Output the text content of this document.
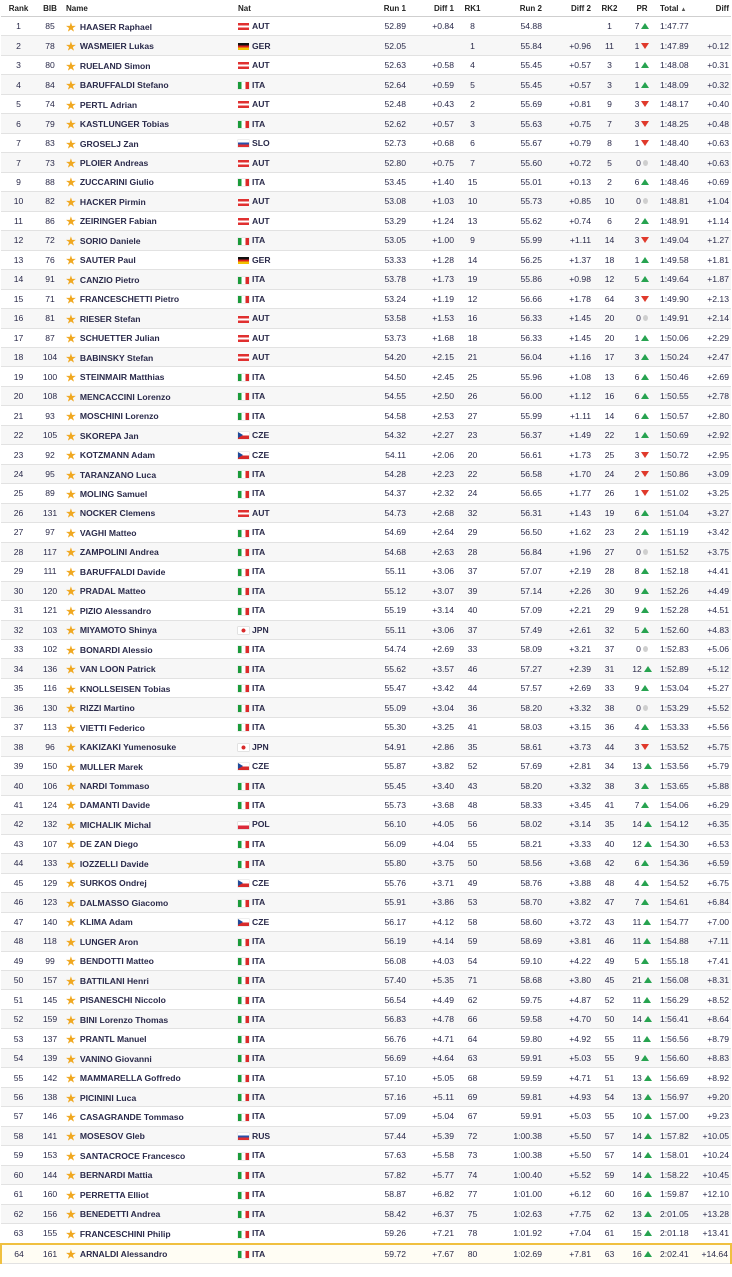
Rank	BIB	Name	Nat	Run 1	Diff 1	RK1	Run 2	Diff 2	RK2	PR	Total ▲	Diff
1	85	★ HAASER Raphael	AUT	52.89	+0.84	8	54.88		1	7	1:47.77	
2	78	★ WASMEIER Lukas	GER	52.05		1	55.84	+0.96	11	1	1:47.89	+0.12
3	80	★ RUELAND Simon	AUT	52.63	+0.58	4	55.45	+0.57	3	1	1:48.08	+0.31
4	84	★ BARUFFALDI Stefano	ITA	52.64	+0.59	5	55.45	+0.57	3	1	1:48.09	+0.32
5	74	★ PERTL Adrian	AUT	52.48	+0.43	2	55.69	+0.81	9	3	1:48.17	+0.40
6	79	★ KASTLUNGER Tobias	ITA	52.62	+0.57	3	55.63	+0.75	7	3	1:48.25	+0.48
7	83	★ GROSELJ Zan	SLO	52.73	+0.68	6	55.67	+0.79	8	1	1:48.40	+0.63
7	73	★ PLOIER Andreas	AUT	52.80	+0.75	7	55.60	+0.72	5	0	1:48.40	+0.63
9	88	★ ZUCCARINI Giulio	ITA	53.45	+1.40	15	55.01	+0.13	2	6	1:48.46	+0.69
10	82	★ HACKER Pirmin	AUT	53.08	+1.03	10	55.73	+0.85	10	0	1:48.81	+1.04
11	86	★ ZEIRINGER Fabian	AUT	53.29	+1.24	13	55.62	+0.74	6	2	1:48.91	+1.14
12	72	★ SORIO Daniele	ITA	53.05	+1.00	9	55.99	+1.11	14	3	1:49.04	+1.27
13	76	★ SAUTER Paul	GER	53.33	+1.28	14	56.25	+1.37	18	1	1:49.58	+1.81
14	91	★ CANZIO Pietro	ITA	53.78	+1.73	19	55.86	+0.98	12	5	1:49.64	+1.87
15	71	★ FRANCESCHETTI Pietro	ITA	53.24	+1.19	12	56.66	+1.78	64	3	1:49.90	+2.13
16	81	★ RIESER Stefan	AUT	53.58	+1.53	16	56.33	+1.45	20	0	1:49.91	+2.14
17	87	★ SCHUETTER Julian	AUT	53.73	+1.68	18	56.33	+1.45	20	1	1:50.06	+2.29
18	104	★ BABINSKY Stefan	AUT	54.20	+2.15	21	56.04	+1.16	17	3	1:50.24	+2.47
19	100	★ STEINMAIR Matthias	ITA	54.50	+2.45	25	55.96	+1.08	13	6	1:50.46	+2.69
20	108	★ MENCACCINI Lorenzo	ITA	54.55	+2.50	26	56.00	+1.12	16	6	1:50.55	+2.78
21	93	★ MOSCHINI Lorenzo	ITA	54.58	+2.53	27	55.99	+1.11	14	6	1:50.57	+2.80
22	105	★ SKOREPA Jan	CZE	54.32	+2.27	23	56.37	+1.49	22	1	1:50.69	+2.92
23	92	★ KOTZMANN Adam	CZE	54.11	+2.06	20	56.61	+1.73	25	3	1:50.72	+2.95
24	95	★ TARANZANO Luca	ITA	54.28	+2.23	22	56.58	+1.70	24	2	1:50.86	+3.09
25	89	★ MOLING Samuel	ITA	54.37	+2.32	24	56.65	+1.77	26	1	1:51.02	+3.25
26	131	★ NOCKER Clemens	AUT	54.73	+2.68	32	56.31	+1.43	19	6	1:51.04	+3.27
27	97	★ VAGHI Matteo	ITA	54.69	+2.64	29	56.50	+1.62	23	2	1:51.19	+3.42
28	117	★ ZAMPOLINI Andrea	ITA	54.68	+2.63	28	56.84	+1.96	27	0	1:51.52	+3.75
29	111	★ BARUFFALDI Davide	ITA	55.11	+3.06	37	57.07	+2.19	28	8	1:52.18	+4.41
30	120	★ PRADAL Matteo	ITA	55.12	+3.07	39	57.14	+2.26	30	9	1:52.26	+4.49
31	121	★ PIZIO Alessandro	ITA	55.19	+3.14	40	57.09	+2.21	29	9	1:52.28	+4.51
32	103	★ MIYAMOTO Shinya	JPN	55.11	+3.06	37	57.49	+2.61	32	5	1:52.60	+4.83
33	102	★ BONARDI Alessio	ITA	54.74	+2.69	33	58.09	+3.21	37	0	1:52.83	+5.06
34	136	★ VAN LOON Patrick	ITA	55.62	+3.57	46	57.27	+2.39	31	12	1:52.89	+5.12
35	116	★ KNOLLSEISEN Tobias	ITA	55.47	+3.42	44	57.57	+2.69	33	9	1:53.04	+5.27
36	130	★ RIZZI Martino	ITA	55.09	+3.04	36	58.20	+3.32	38	0	1:53.29	+5.52
37	113	★ VIETTI Federico	ITA	55.30	+3.25	41	58.03	+3.15	36	4	1:53.33	+5.56
38	96	★ KAKIZAKI Yumenosuke	JPN	54.91	+2.86	35	58.61	+3.73	44	3	1:53.52	+5.75
39	150	★ MULLER Marek	CZE	55.87	+3.82	52	57.69	+2.81	34	13	1:53.56	+5.79
40	106	★ NARDI Tommaso	ITA	55.45	+3.40	43	58.20	+3.32	38	3	1:53.65	+5.88
41	124	★ DAMANTI Davide	ITA	55.73	+3.68	48	58.33	+3.45	41	7	1:54.06	+6.29
42	132	★ MICHALIK Michal	POL	56.10	+4.05	56	58.02	+3.14	35	14	1:54.12	+6.35
43	107	★ DE ZAN Diego	ITA	56.09	+4.04	55	58.21	+3.33	40	12	1:54.30	+6.53
44	133	★ IOZZELLI Davide	ITA	55.80	+3.75	50	58.56	+3.68	42	6	1:54.36	+6.59
45	129	★ SURKOS Ondrej	CZE	55.76	+3.71	49	58.76	+3.88	48	4	1:54.52	+6.75
46	123	★ DALMASSO Giacomo	ITA	55.91	+3.86	53	58.70	+3.82	47	7	1:54.61	+6.84
47	140	★ KLIMA Adam	CZE	56.17	+4.12	58	58.60	+3.72	43	11	1:54.77	+7.00
48	118	★ LUNGER Aron	ITA	56.19	+4.14	59	58.69	+3.81	46	11	1:54.88	+7.11
49	99	★ BENDOTTI Matteo	ITA	56.08	+4.03	54	59.10	+4.22	49	5	1:55.18	+7.41
50	157	★ BATTILANI Henri	ITA	57.40	+5.35	71	58.68	+3.80	45	21	1:56.08	+8.31
51	145	★ PISANESCHI Niccolo	ITA	56.54	+4.49	62	59.75	+4.87	52	11	1:56.29	+8.52
52	159	★ BINI Lorenzo Thomas	ITA	56.83	+4.78	66	59.58	+4.70	50	14	1:56.41	+8.64
53	137	★ PRANTL Manuel	ITA	56.76	+4.71	64	59.80	+4.92	55	11	1:56.56	+8.79
54	139	★ VANINO Giovanni	ITA	56.69	+4.64	63	59.91	+5.03	55	9	1:56.60	+8.83
55	142	★ MAMMARELLA Goffredo	ITA	57.10	+5.05	68	59.59	+4.71	51	13	1:56.69	+8.92
56	138	★ PICININI Luca	ITA	57.16	+5.11	69	59.81	+4.93	54	13	1:56.97	+9.20
57	146	★ CASAGRANDE Tommaso	ITA	57.09	+5.04	67	59.91	+5.03	55	10	1:57.00	+9.23
58	141	★ MOSESOV Gleb	RUS	57.44	+5.39	72	1:00.38	+5.50	57	14	1:57.82	+10.05
59	153	★ SANTACROCE Francesco	ITA	57.63	+5.58	73	1:00.38	+5.50	57	14	1:58.01	+10.24
60	144	★ BERNARDI Mattia	ITA	57.82	+5.77	74	1:00.40	+5.52	59	14	1:58.22	+10.45
61	160	★ PERRETTA Elliot	ITA	58.87	+6.82	77	1:01.00	+6.12	60	16	1:59.87	+12.10
62	156	★ BENEDETTI Andrea	ITA	58.42	+6.37	75	1:02.63	+7.75	62	13	2:01.05	+13.28
63	155	★ FRANCESCHINI Philip	ITA	59.26	+7.21	78	1:01.92	+7.04	61	15	2:01.18	+13.41
64	161	★ ARNALDI Alessandro	ITA	59.72	+7.67	80	1:02.69	+7.81	63	16	2:02.41	+14.64
